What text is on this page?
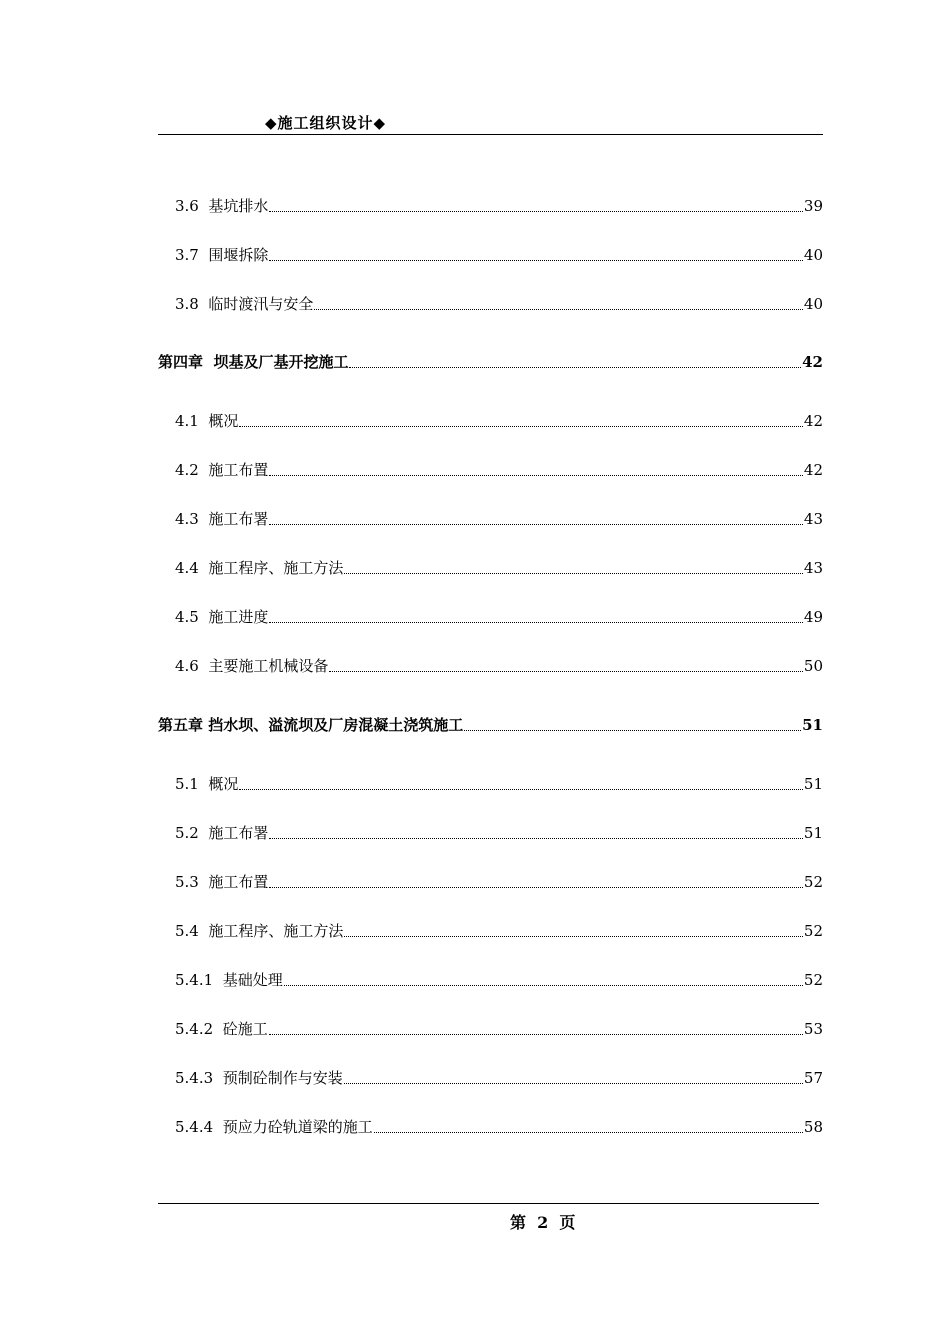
◆施工组织设计◆
3.6 基坑排水	39
3.7 围堰拆除	40
3.8 临时渡汛与安全	40
第四章 坝基及厂基开挖施工	42
4.1 概况	42
4.2 施工布置	42
4.3 施工布署	43
4.4 施工程序、施工方法	43
4.5 施工进度	49
4.6 主要施工机械设备	50
第五章 挡水坝、溢流坝及厂房混凝土浇筑施工	51
5.1 概况	51
5.2 施工布署	51
5.3 施工布置	52
5.4 施工程序、施工方法	52
5.4.1 基础处理	52
5.4.2 砼施工	53
5.4.3 预制砼制作与安装	57
5.4.4 预应力砼轨道梁的施工	58
第  2  页
